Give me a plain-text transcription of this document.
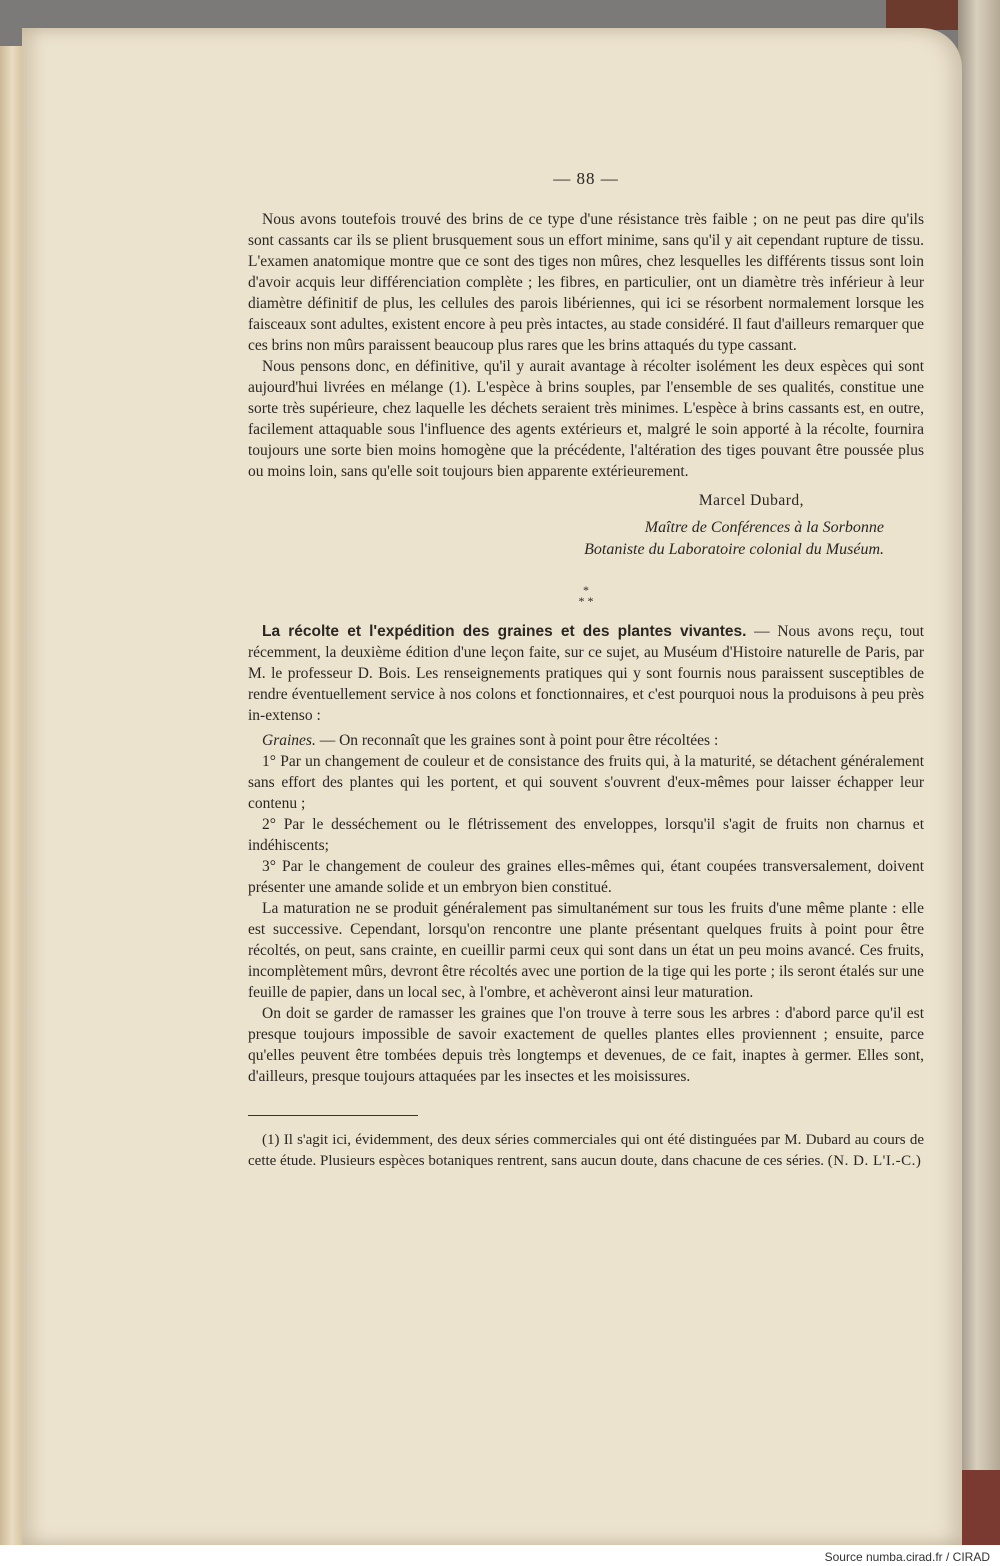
— 88 —

Nous avons toutefois trouvé des brins de ce type d'une résistance très faible ; on ne peut pas dire qu'ils sont cassants car ils se plient brusquement sous un effort minime, sans qu'il y ait cependant rupture de tissu. L'examen anatomique montre que ce sont des tiges non mûres, chez lesquelles les différents tissus sont loin d'avoir acquis leur différenciation complète ; les fibres, en particulier, ont un diamètre très inférieur à leur diamètre définitif de plus, les cellules des parois libériennes, qui ici se résorbent normalement lorsque les faisceaux sont adultes, existent encore à peu près intactes, au stade considéré. Il faut d'ailleurs remarquer que ces brins non mûrs paraissent beaucoup plus rares que les brins attaqués du type cassant.

Nous pensons donc, en définitive, qu'il y aurait avantage à récolter isolément les deux espèces qui sont aujourd'hui livrées en mélange (1). L'espèce à brins souples, par l'ensemble de ses qualités, constitue une sorte très supérieure, chez laquelle les déchets seraient très minimes. L'espèce à brins cassants est, en outre, facilement attaquable sous l'influence des agents extérieurs et, malgré le soin apporté à la récolte, fournira toujours une sorte bien moins homogène que la précédente, l'altération des tiges pouvant être poussée plus ou moins loin, sans qu'elle soit toujours bien apparente extérieurement.

Marcel Dubard,
Maître de Conférences à la Sorbonne
Botaniste du Laboratoire colonial du Muséum.
*
* *

La récolte et l'expédition des graines et des plantes vivantes. — Nous avons reçu, tout récemment, la deuxième édition d'une leçon faite, sur ce sujet, au Muséum d'Histoire naturelle de Paris, par M. le professeur D. Bois. Les renseignements pratiques qui y sont fournis nous paraissent susceptibles de rendre éventuellement service à nos colons et fonctionnaires, et c'est pourquoi nous la produisons à peu près in-extenso :

Graines. — On reconnaît que les graines sont à point pour être récoltées :

1° Par un changement de couleur et de consistance des fruits qui, à la maturité, se détachent généralement sans effort des plantes qui les portent, et qui souvent s'ouvrent d'eux-mêmes pour laisser échapper leur contenu ;

2° Par le desséchement ou le flétrissement des enveloppes, lorsqu'il s'agit de fruits non charnus et indéhiscents;

3° Par le changement de couleur des graines elles-mêmes qui, étant coupées transversalement, doivent présenter une amande solide et un embryon bien constitué.

La maturation ne se produit généralement pas simultanément sur tous les fruits d'une même plante : elle est successive. Cependant, lorsqu'on rencontre une plante présentant quelques fruits à point pour être récoltés, on peut, sans crainte, en cueillir parmi ceux qui sont dans un état un peu moins avancé. Ces fruits, incomplètement mûrs, devront être récoltés avec une portion de la tige qui les porte ; ils seront étalés sur une feuille de papier, dans un local sec, à l'ombre, et achèveront ainsi leur maturation.

On doit se garder de ramasser les graines que l'on trouve à terre sous les arbres : d'abord parce qu'il est presque toujours impossible de savoir exactement de quelles plantes elles proviennent ; ensuite, parce qu'elles peuvent être tombées depuis très longtemps et devenues, de ce fait, inaptes à germer. Elles sont, d'ailleurs, presque toujours attaquées par les insectes et les moisissures.

(1) Il s'agit ici, évidemment, des deux séries commerciales qui ont été distinguées par M. Dubard au cours de cette étude. Plusieurs espèces botaniques rentrent, sans aucun doute, dans chacune de ces séries. (N. D. L'I.-C.)

Source numba.cirad.fr / CIRAD
